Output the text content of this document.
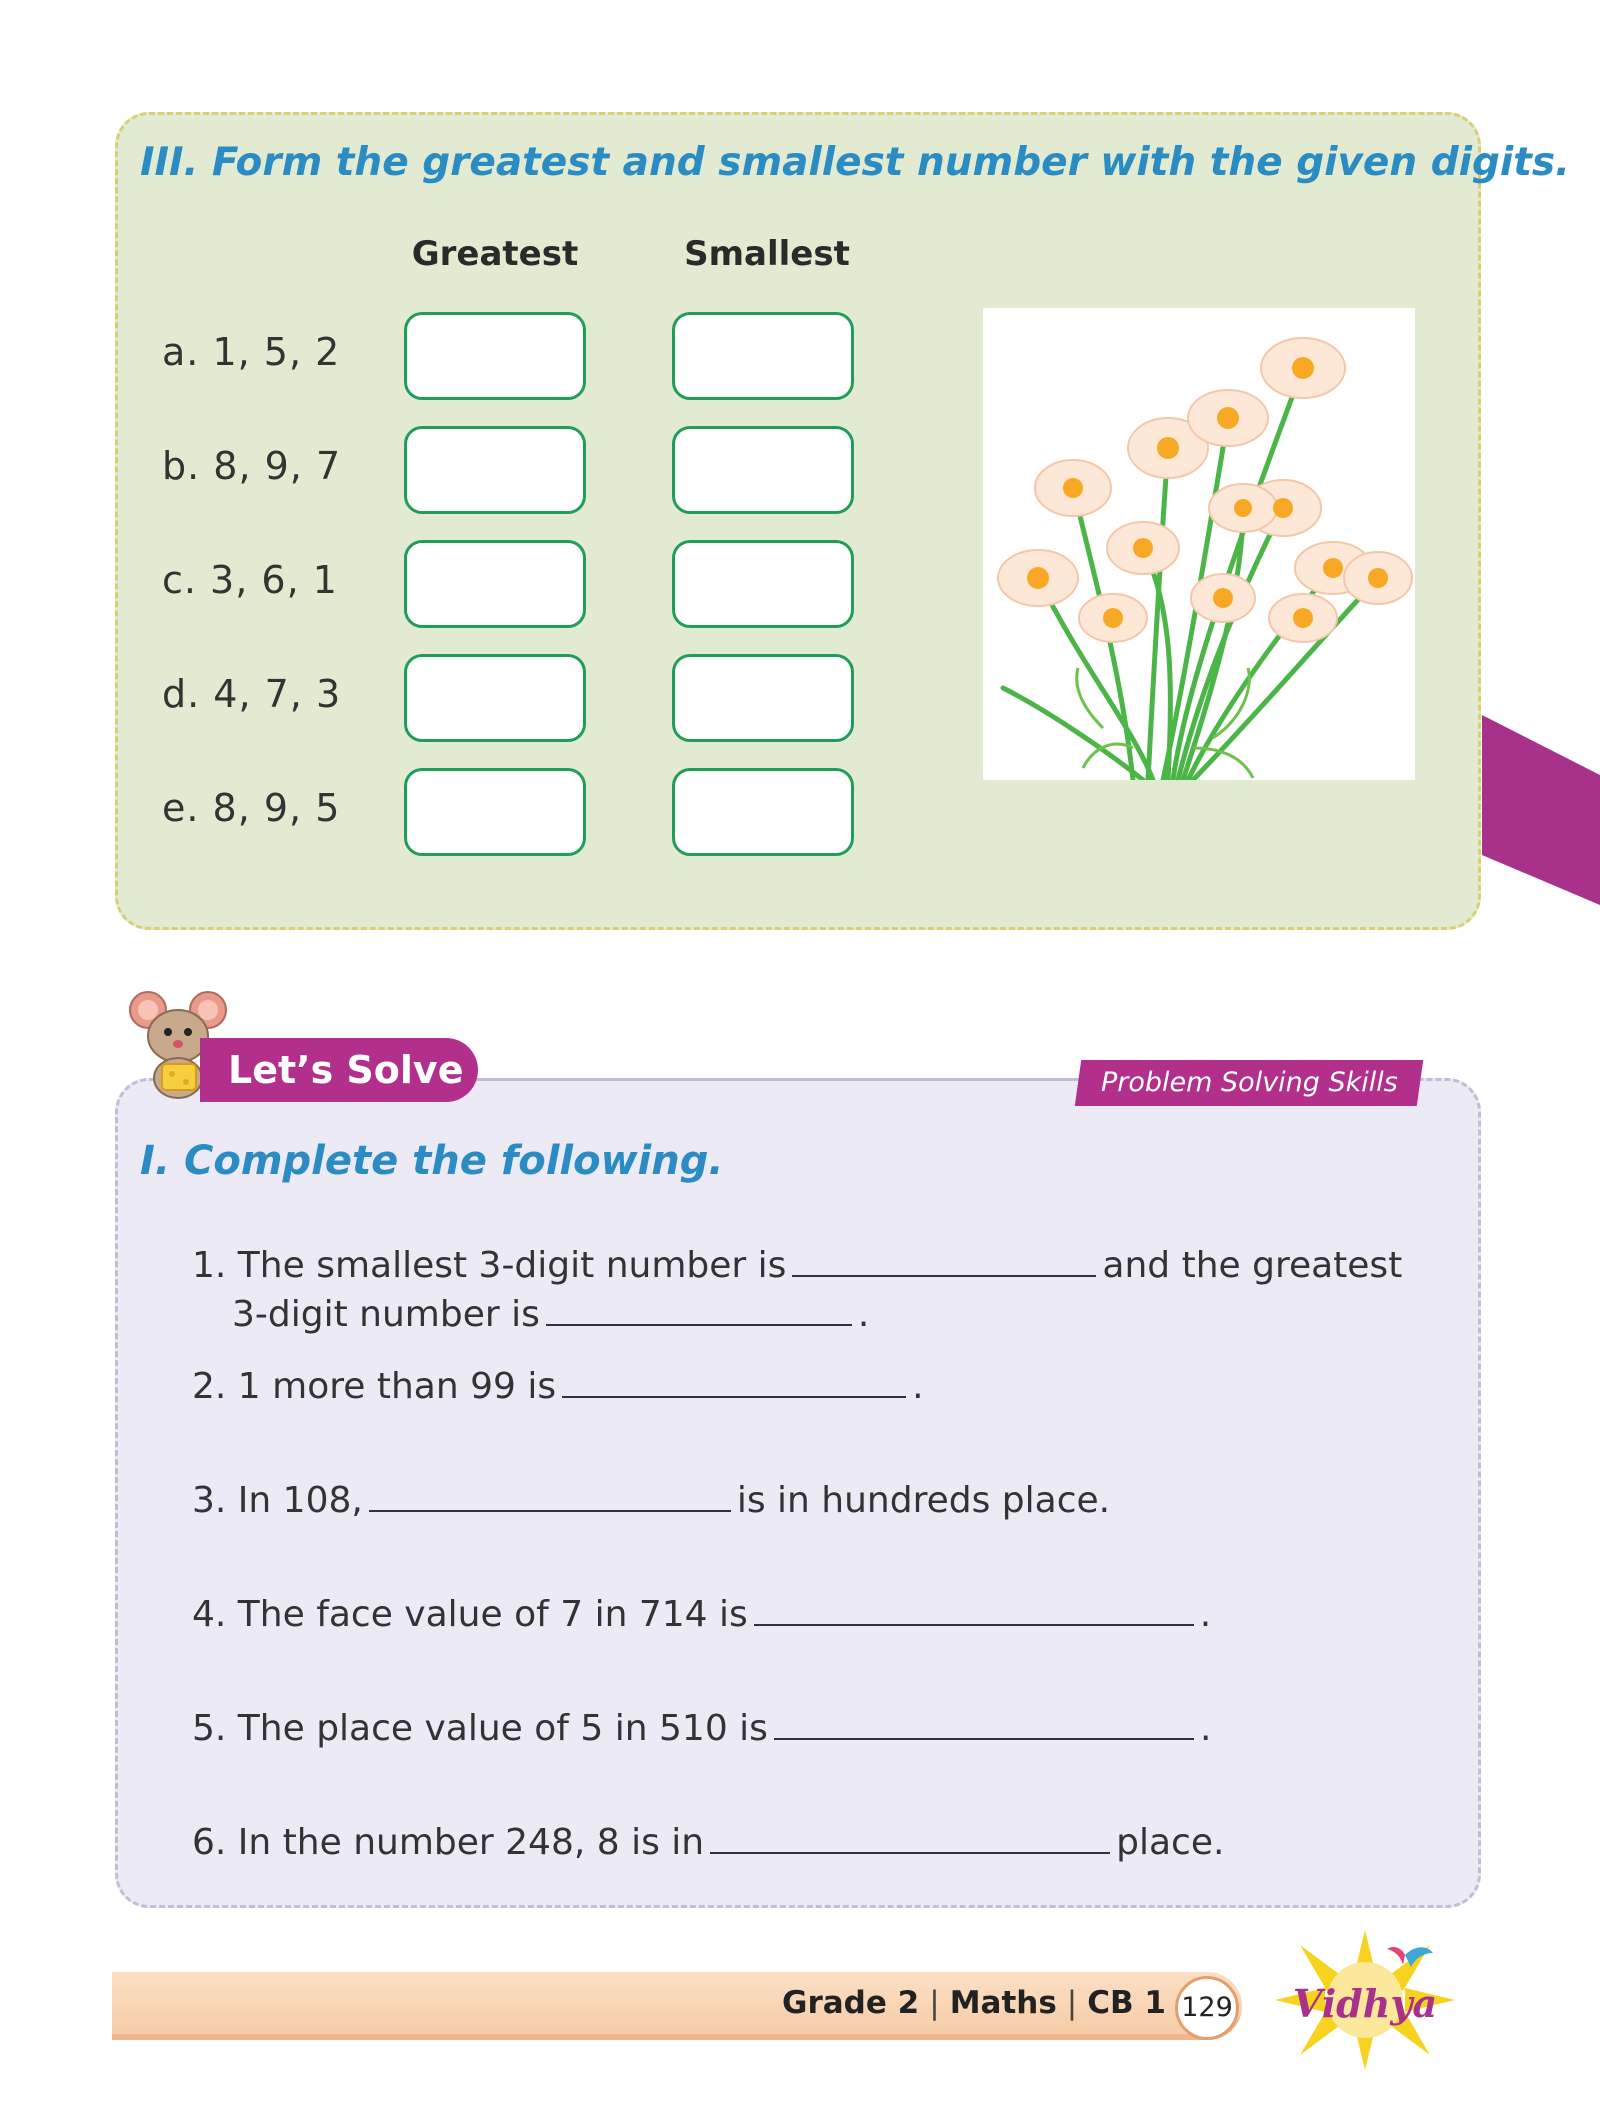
III. Form the greatest and smallest number with the given digits.
Greatest	Smallest
a. 1, 5, 2
b. 8, 9, 7
c. 3, 6, 1
d. 4, 7, 3
e. 8, 9, 5
Let’s Solve	Problem Solving Skills
I. Complete the following.
1. The smallest 3-digit number is	and the greatest
3-digit number is	.
2. 1 more than 99 is	.
3. In 108,	is in hundreds place.
4. The face value of 7 in 714 is	.
5. The place value of 5 in 510 is	.
6. In the number 248, 8 is in	place.
Grade 2 | Maths | CB 1 129 Vidhya
